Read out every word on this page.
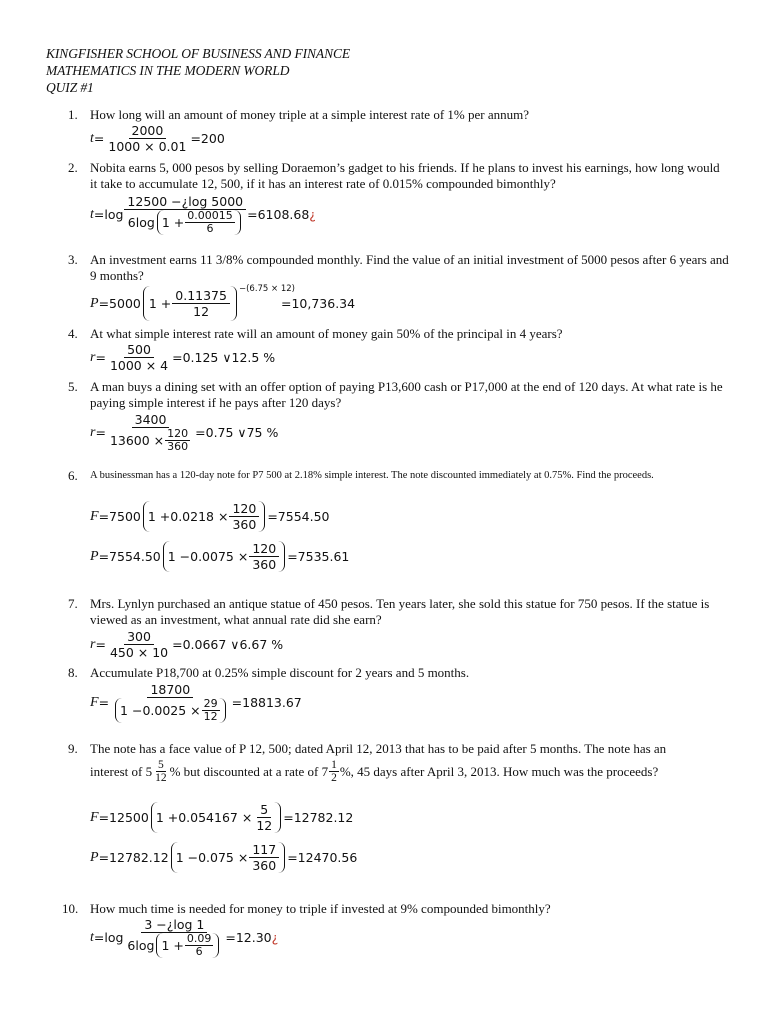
KINGFISHER SCHOOL OF BUSINESS AND FINANCE
MATHEMATICS IN THE MODERN WORLD
QUIZ #1
1. How long will an amount of money triple at a simple interest rate of 1% per annum?
$t = \frac{2000}{1000 \times 0.01} =200$
2. Nobita earns 5, 000 pesos by selling Doraemon’s gadget to his friends. If he plans to invest his earnings, how long would it take to accumulate 12, 500, if it has an interest rate of 0.015% compounded bimonthly?
$t =\log \frac{12500 -¿\log 5000}{6\log 1 + \frac{0.00015}{6}} =6108.68$ ¿
3. An investment earns 11 3/8% compounded monthly. Find the value of an initial investment of 5000 pesos after 6 years and 9 months?
P =5000 $1 + \frac{0.11375}{12} -(6.75 \times 12)$
=10,736.34
4. At what simple interest rate will an amount of money gain 50% of the principal in 4 years?
$r = \frac{500}{1000 \times 4} =0.125$ ∨12.5 %
5. A man buys a dining set with an offer option of paying P13,600 cash or P17,000 at the end of 120 days. At what rate is he paying simple interest if he pays after 120 days?
$r = \frac{3400}{13600 \times \frac{120}{360}} =0.75$ ∨75 %
6.	A businessman has a 120-day note for P7 500 at 2.18% simple interest. The note discounted immediately at 0.75%. Find the proceeds.
F =7500 $1 +0.0218 \times \frac{120}{360} =7554.50$
P =7554.50 $1 -0.0075 \times \frac{120}{360} =7535.61$
7. Mrs. Lynlyn purchased an antique statue of 450 pesos. Ten years later, she sold this statue for 750 pesos. If the statue is viewed as an investment, what annual rate did she earn?
$r = \frac{300}{450 \times 10} =0.0667$ ∨6.67 %
8. Accumulate P18,700 at 0.25% simple discount for 2 years and 5 months.
$F = \frac{18700}{1 -0.0025 \times \frac{29}{12}} =18813.67$
9. The note has a face value of P 12, 500; dated April 12, 2013 that has to be paid after 5 months. The note has an
interest of 5 5
12 % but discounted at a rate of 7 1
2 %, 45 days after April 3, 2013. How much was the proceeds?
F =12500 $1 +0.054167 \times \frac{5}{12} =12782.12$
P =12782.12 $1 -0.075 \times \frac{117}{360} =12470.56$
10. How much time is needed for money to triple if invested at 9% compounded bimonthly?
$t =\log \frac{3 -¿\log 1}{6\log 1 + \frac{0.09}{6}} =12.30$ ¿
